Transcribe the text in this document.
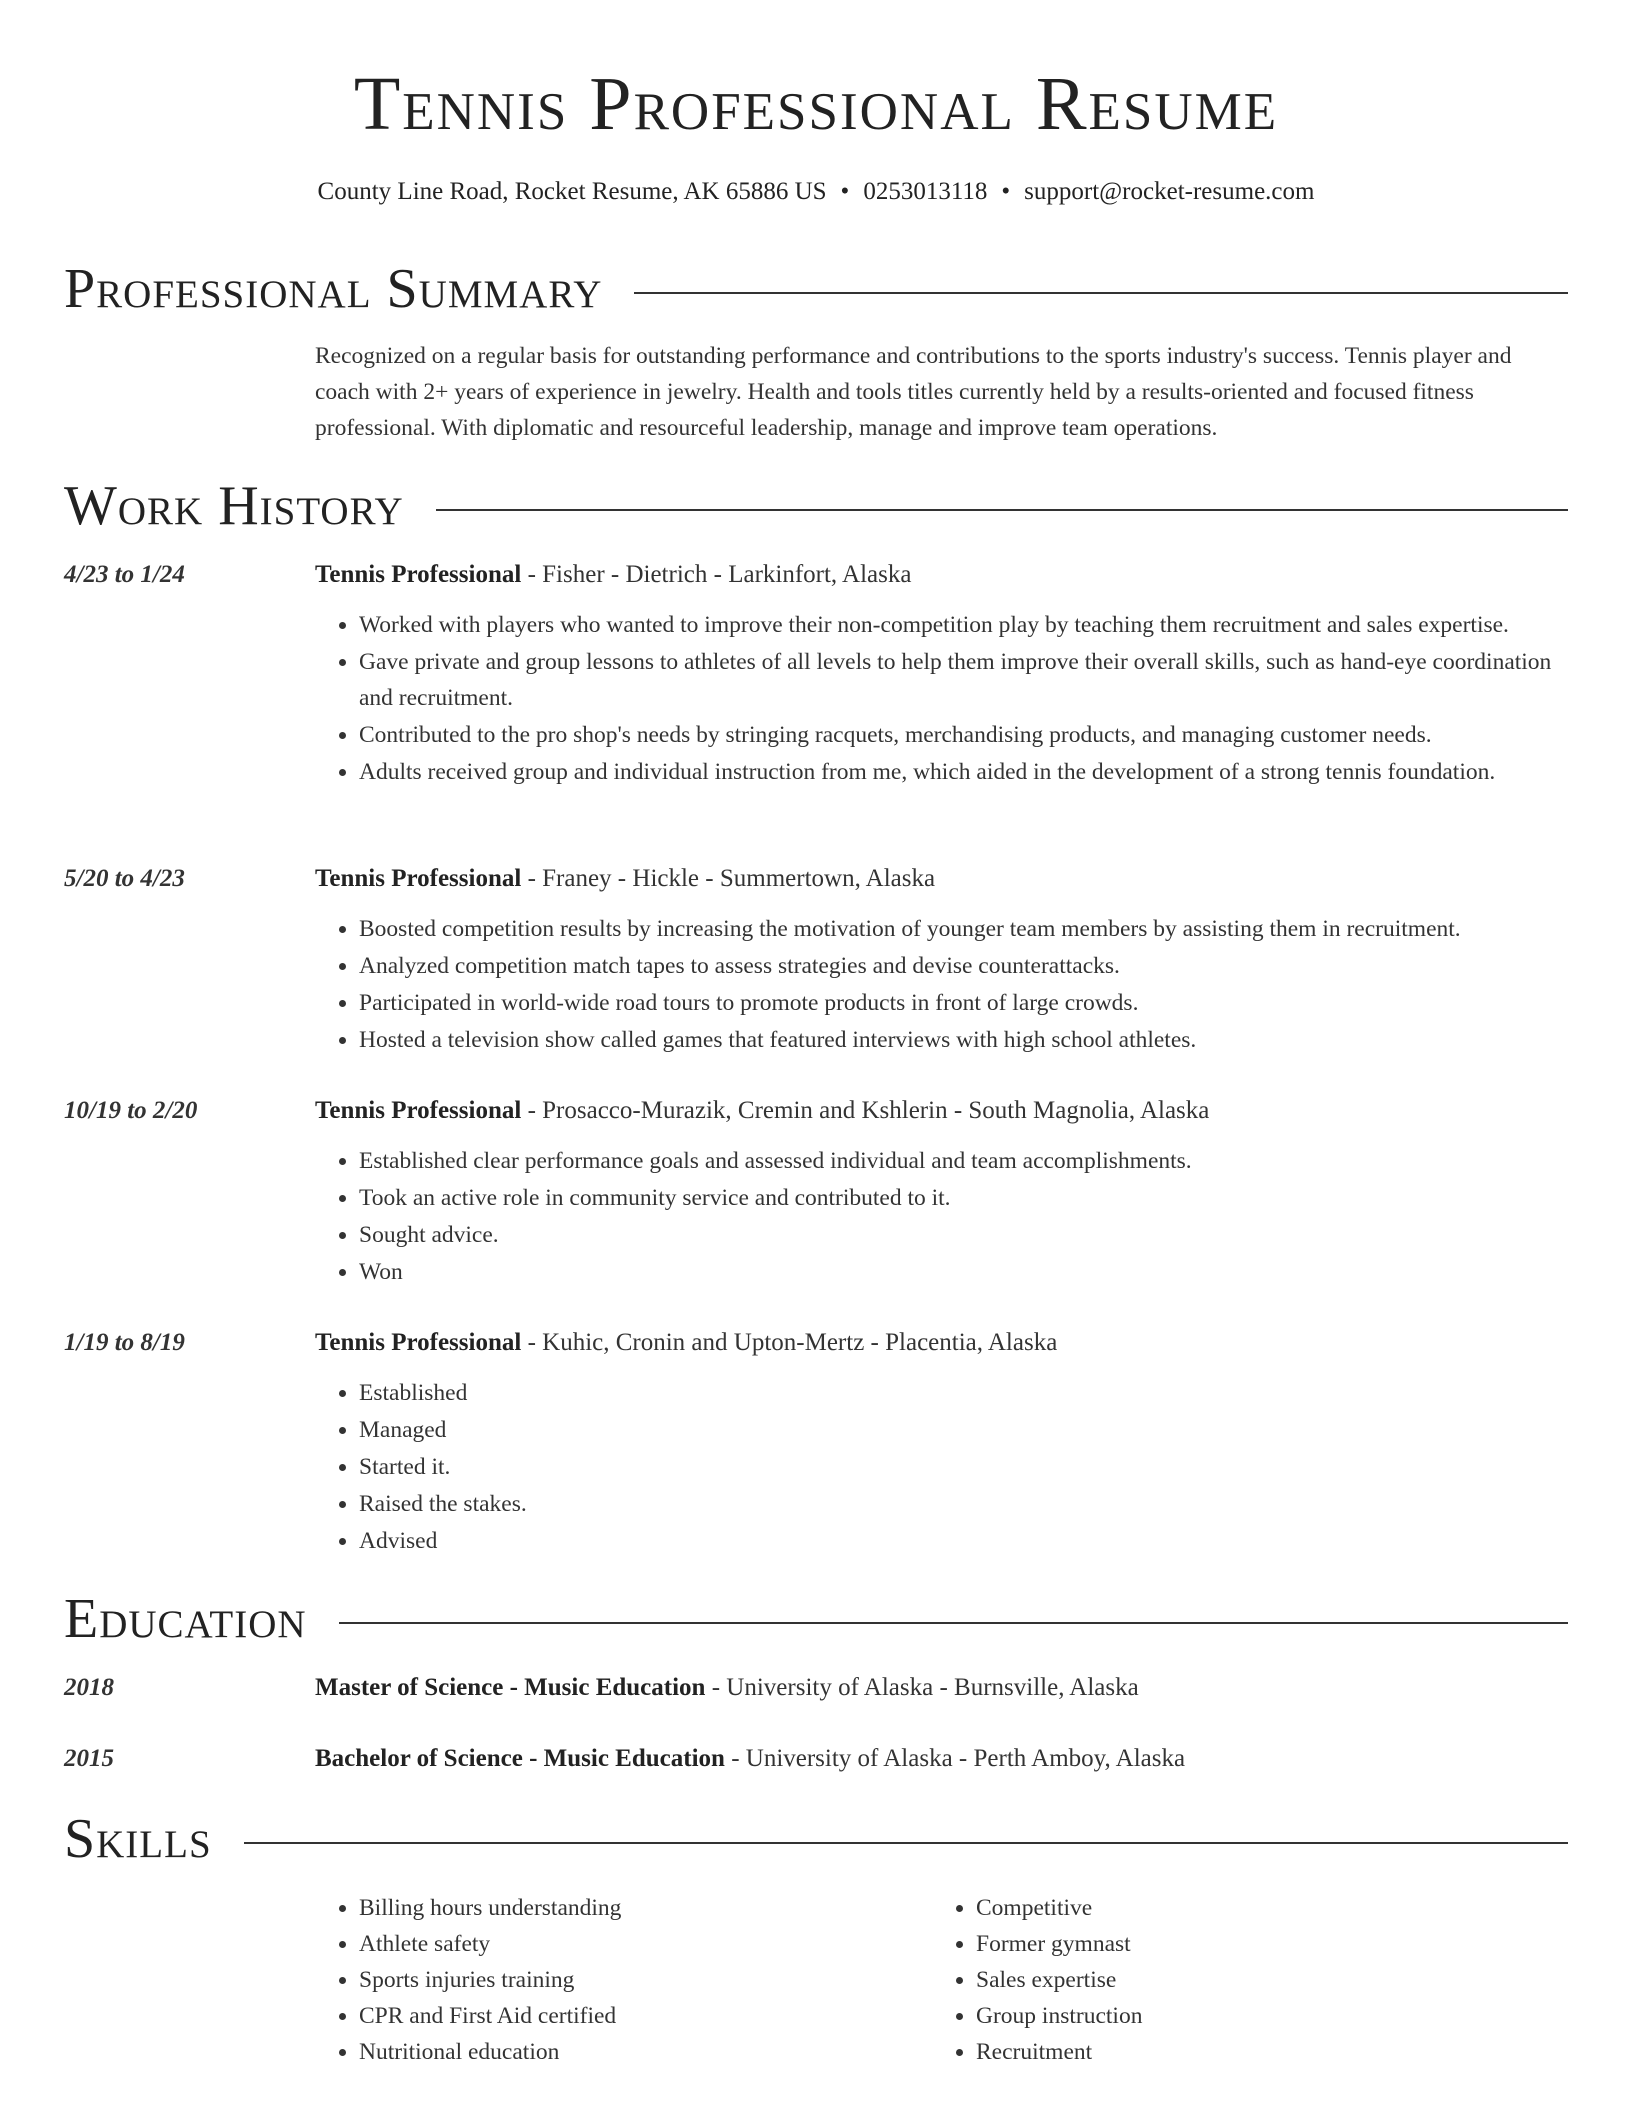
Tennis Professional Resume
County Line Road, Rocket Resume, AK 65886 US • 0253013118 • support@rocket-resume.com
Professional Summary
Recognized on a regular basis for outstanding performance and contributions to the sports industry's success. Tennis player and coach with 2+ years of experience in jewelry. Health and tools titles currently held by a results-oriented and focused fitness professional. With diplomatic and resourceful leadership, manage and improve team operations.
Work History
4/23 to 1/24	Tennis Professional - Fisher - Dietrich - Larkinfort, Alaska
• Worked with players who wanted to improve their non-competition play by teaching them recruitment and sales expertise.
• Gave private and group lessons to athletes of all levels to help them improve their overall skills, such as hand-eye coordination and recruitment.
• Contributed to the pro shop's needs by stringing racquets, merchandising products, and managing customer needs.
• Adults received group and individual instruction from me, which aided in the development of a strong tennis foundation.
5/20 to 4/23	Tennis Professional - Franey - Hickle - Summertown, Alaska
• Boosted competition results by increasing the motivation of younger team members by assisting them in recruitment.
• Analyzed competition match tapes to assess strategies and devise counterattacks.
• Participated in world-wide road tours to promote products in front of large crowds.
• Hosted a television show called games that featured interviews with high school athletes.
10/19 to 2/20	Tennis Professional - Prosacco-Murazik, Cremin and Kshlerin - South Magnolia, Alaska
• Established clear performance goals and assessed individual and team accomplishments.
• Took an active role in community service and contributed to it.
• Sought advice.
• Won
1/19 to 8/19	Tennis Professional - Kuhic, Cronin and Upton-Mertz - Placentia, Alaska
• Established
• Managed
• Started it.
• Raised the stakes.
• Advised
Education
2018	Master of Science - Music Education - University of Alaska - Burnsville, Alaska
2015	Bachelor of Science - Music Education - University of Alaska - Perth Amboy, Alaska
Skills
• Billing hours understanding
• Athlete safety
• Sports injuries training
• CPR and First Aid certified
• Nutritional education
• Competitive
• Former gymnast
• Sales expertise
• Group instruction
• Recruitment
